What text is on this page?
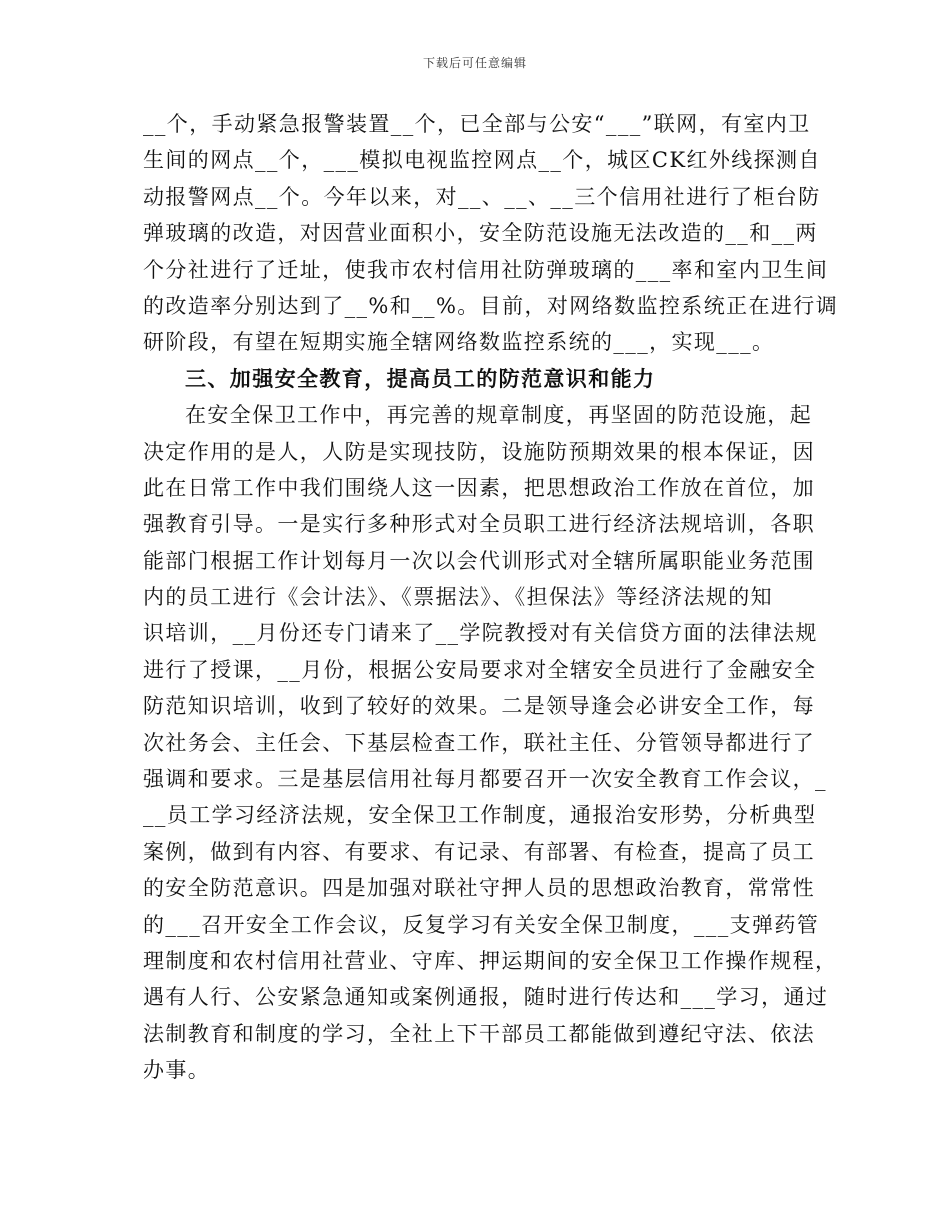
下载后可任意编辑
__个，手动紧急报警装置__个，已全部与公安“___”联网，有室内卫
生间的网点__个，___模拟电视监控网点__个，城区CK红外线探测自
动报警网点__个。今年以来，对__、__、__三个信用社进行了柜台防
弹玻璃的改造，对因营业面积小，安全防范设施无法改造的__和__两
个分社进行了迁址，使我市农村信用社防弹玻璃的___率和室内卫生间
的改造率分别达到了__%和__%。目前，对网络数监控系统正在进行调
研阶段，有望在短期实施全辖网络数监控系统的___，实现___。
三、加强安全教育，提高员工的防范意识和能力
在安全保卫工作中，再完善的规章制度，再坚固的防范设施，起
决定作用的是人，人防是实现技防，设施防预期效果的根本保证，因
此在日常工作中我们围绕人这一因素，把思想政治工作放在首位，加
强教育引导。一是实行多种形式对全员职工进行经济法规培训，各职
能部门根据工作计划每月一次以会代训形式对全辖所属职能业务范围
内的员工进行《会计法》、《票据法》、《担保法》等经济法规的知
识培训，__月份还专门请来了__学院教授对有关信贷方面的法律法规
进行了授课，__月份，根据公安局要求对全辖安全员进行了金融安全
防范知识培训，收到了较好的效果。二是领导逢会必讲安全工作，每
次社务会、主任会、下基层检查工作，联社主任、分管领导都进行了
强调和要求。三是基层信用社每月都要召开一次安全教育工作会议，_
__员工学习经济法规，安全保卫工作制度，通报治安形势，分析典型
案例，做到有内容、有要求、有记录、有部署、有检查，提高了员工
的安全防范意识。四是加强对联社守押人员的思想政治教育，常常性
的___召开安全工作会议，反复学习有关安全保卫制度，___支弹药管
理制度和农村信用社营业、守库、押运期间的安全保卫工作操作规程，
遇有人行、公安紧急通知或案例通报，随时进行传达和___学习，通过
法制教育和制度的学习，全社上下干部员工都能做到遵纪守法、依法
办事。
